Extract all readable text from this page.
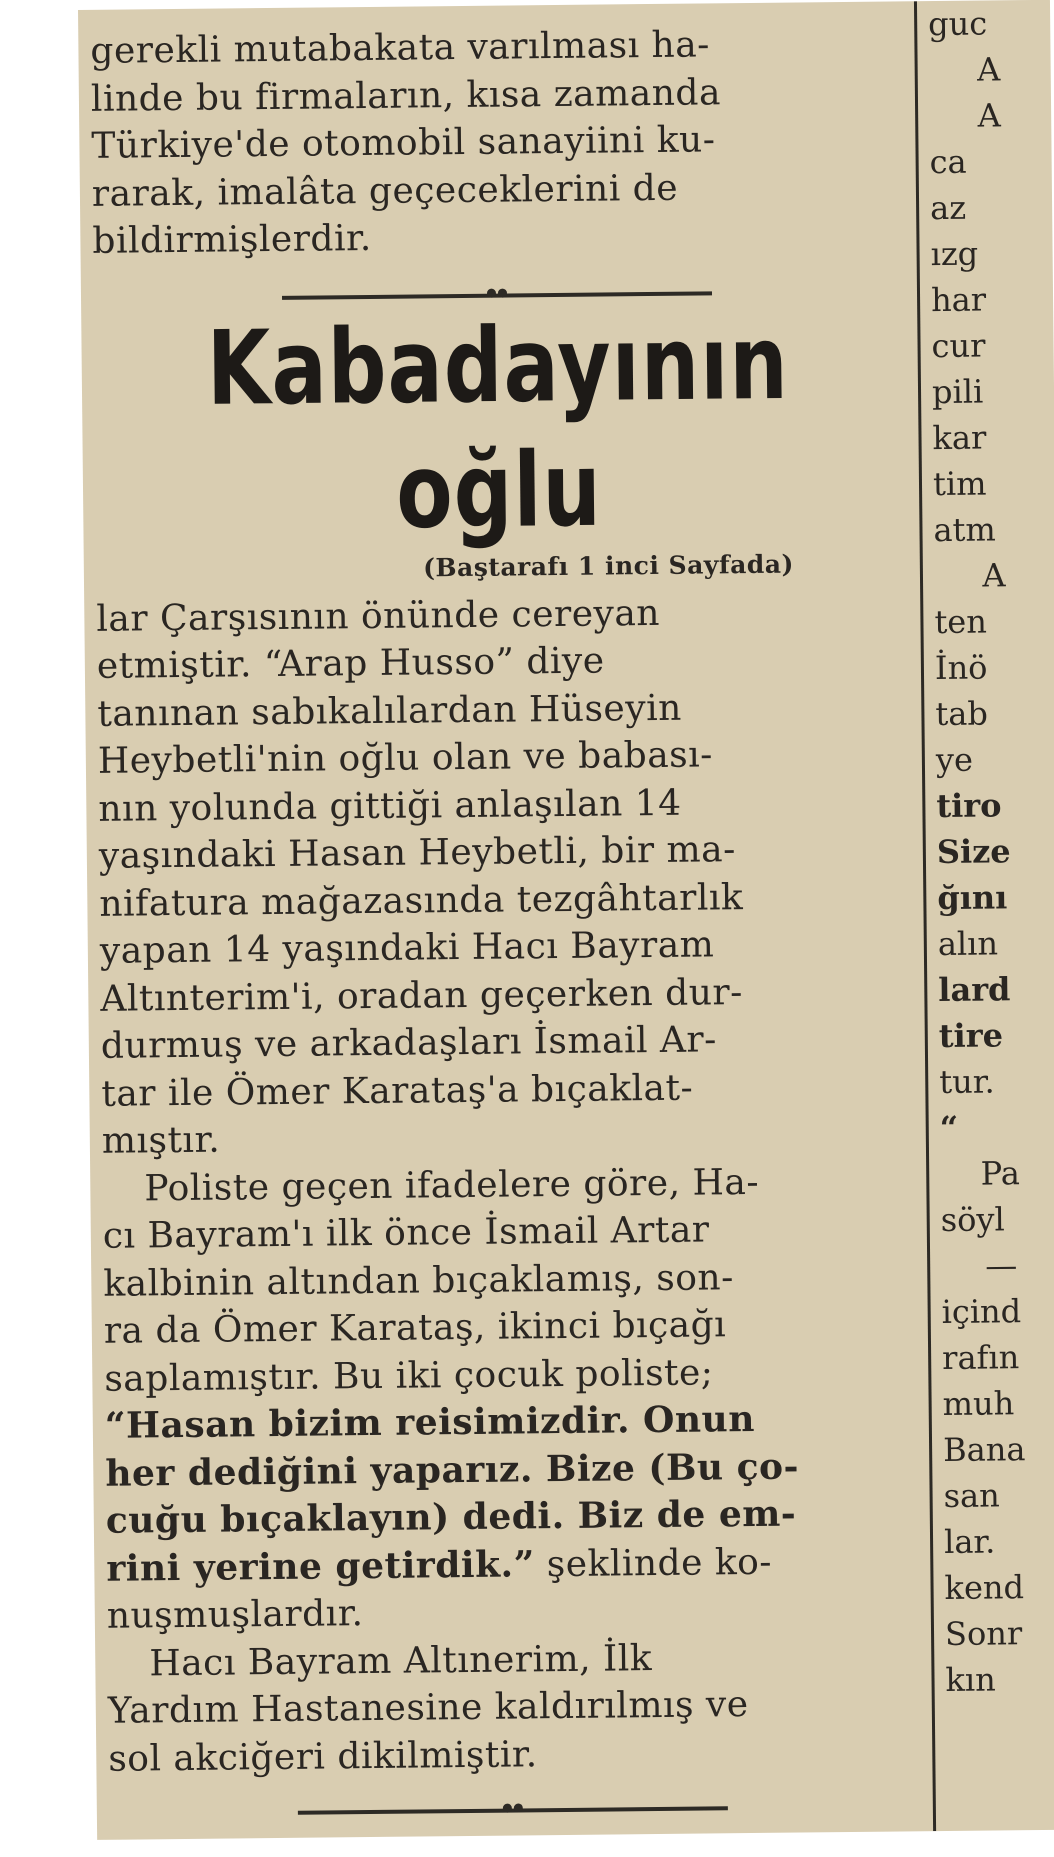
gerekli mutabakata varılması ha-
linde bu firmaların, kısa zamanda
Türkiye'de otomobil sanayiini ku-
rarak, imalâta geçeceklerini de
bildirmişlerdir.
Kabadayının oğlu
(Baştarafı 1 inci Sayfada)
lar Çarşısının önünde cereyan
etmiştir. “Arap Husso” diye
tanınan sabıkalılardan Hüseyin
Heybetli'nin oğlu olan ve babası-
nın yolunda gittiği anlaşılan 14
yaşındaki Hasan Heybetli, bir ma-
nifatura mağazasında tezgâhtarlık
yapan 14 yaşındaki Hacı Bayram
Altınterim'i, oradan geçerken dur-
durmuş ve arkadaşları İsmail Ar-
tar ile Ömer Karataş'a bıçaklat-
mıştır.
Poliste geçen ifadelere göre, Ha-
cı Bayram'ı ilk önce İsmail Artar
kalbinin altından bıçaklamış, son-
ra da Ömer Karataş, ikinci bıçağı
saplamıştır. Bu iki çocuk poliste;
“Hasan bizim reisimizdir. Onun
her dediğini yaparız. Bize (Bu ço-
cuğu bıçaklayın) dedi. Biz de em-
rini yerine getirdik.” şeklinde ko-
nuşmuşlardır.
Hacı Bayram Altınerim, İlk
Yardım Hastanesine kaldırılmış ve
sol akciğeri dikilmiştir.
guc
A
A
ca
az
ızg
har
cur
pili
kar
tim
atm
A
ten
İnö
tab
ye
tiro
Size
ğını
alın
lard
tire
tur.
“
Pa
söyl
—
içind
rafın
muh
Bana
san
lar.
kend
Sonr
kın
